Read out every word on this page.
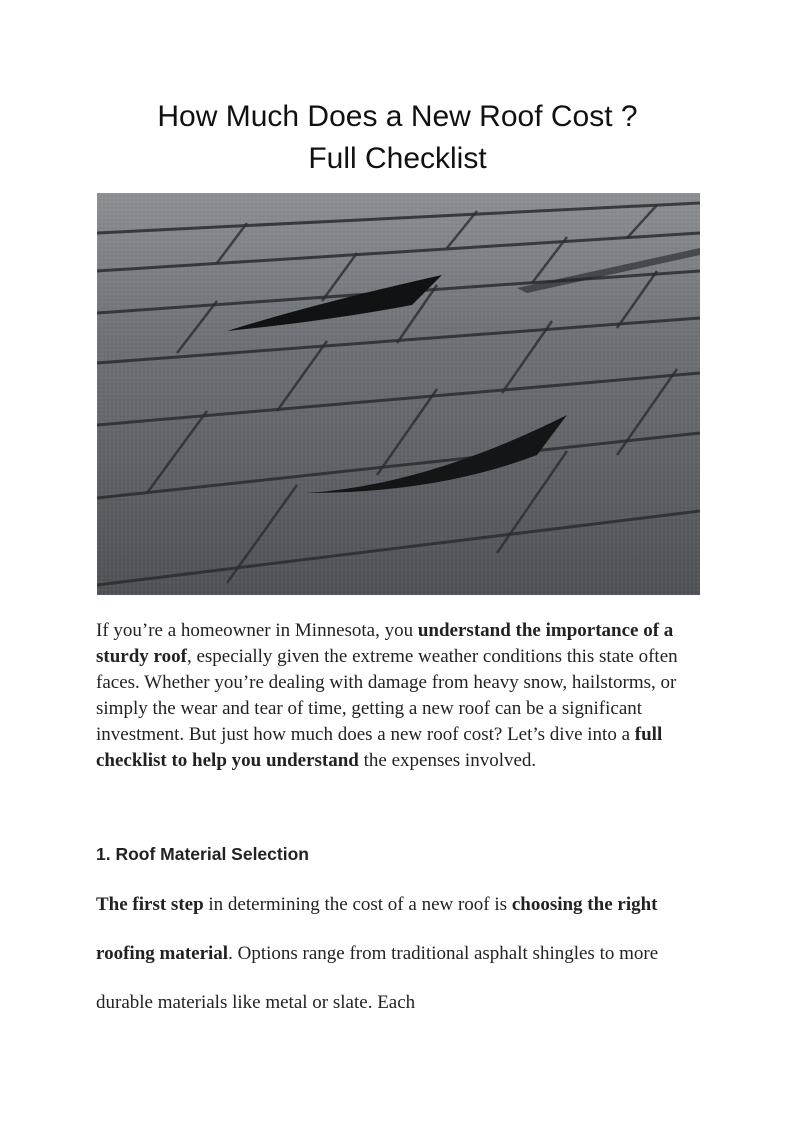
How Much Does a New Roof Cost ?
Full Checklist

If you’re a homeowner in Minnesota, you understand the importance of a sturdy roof, especially given the extreme weather conditions this state often faces. Whether you’re dealing with damage from heavy snow, hailstorms, or simply the wear and tear of time, getting a new roof can be a significant investment. But just how much does a new roof cost? Let’s dive into a full checklist to help you understand the expenses involved.

1. Roof Material Selection

The first step in determining the cost of a new roof is choosing the right roofing material. Options range from traditional asphalt shingles to more durable materials like metal or slate. Each
